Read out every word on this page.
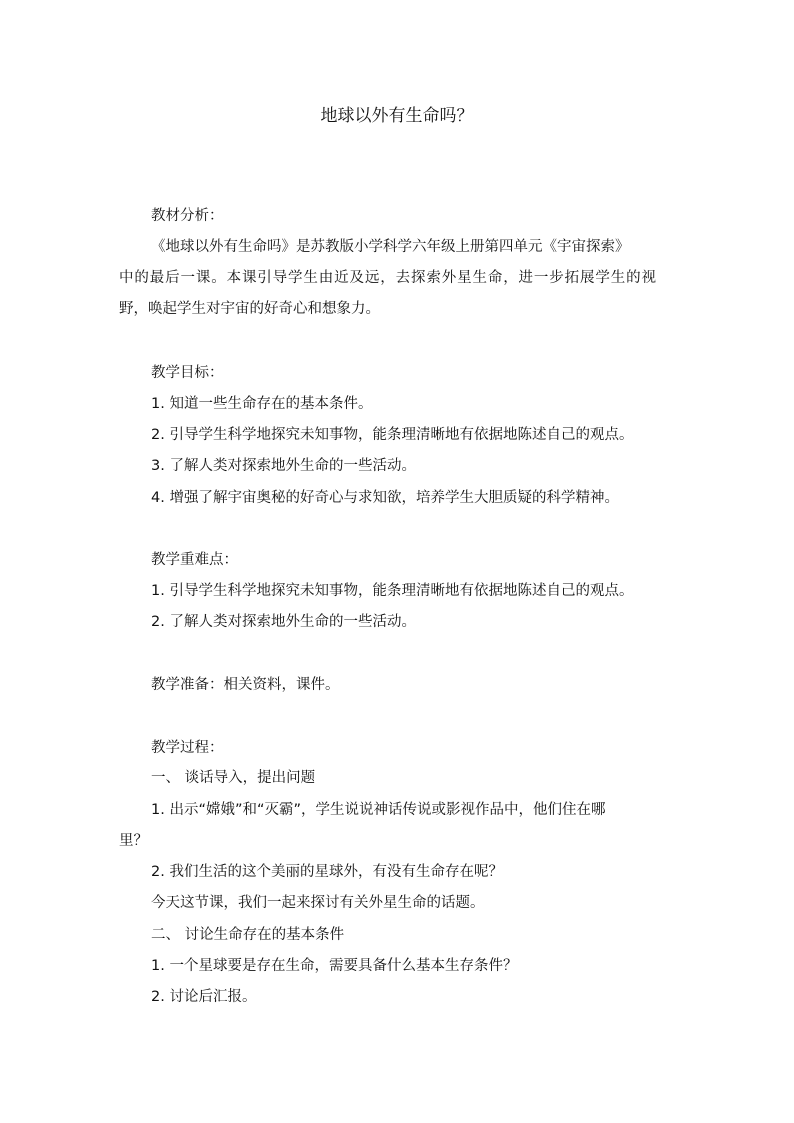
地球以外有生命吗？
教材分析：
《地球以外有生命吗》是苏教版小学科学六年级上册第四单元《宇宙探索》
中的最后一课。本课引导学生由近及远，去探索外星生命，进一步拓展学生的视
野，唤起学生对宇宙的好奇心和想象力。
教学目标：
1. 知道一些生命存在的基本条件。
2. 引导学生科学地探究未知事物，能条理清晰地有依据地陈述自己的观点。
3. 了解人类对探索地外生命的一些活动。
4. 增强了解宇宙奥秘的好奇心与求知欲，培养学生大胆质疑的科学精神。
教学重难点：
1. 引导学生科学地探究未知事物，能条理清晰地有依据地陈述自己的观点。
2. 了解人类对探索地外生命的一些活动。
教学准备：相关资料，课件。
教学过程：
一、 谈话导入，提出问题
1. 出示“嫦娥”和“灭霸”，学生说说神话传说或影视作品中，他们住在哪
里？
2. 我们生活的这个美丽的星球外，有没有生命存在呢？
今天这节课，我们一起来探讨有关外星生命的话题。
二、 讨论生命存在的基本条件
1. 一个星球要是存在生命，需要具备什么基本生存条件？
2. 讨论后汇报。
